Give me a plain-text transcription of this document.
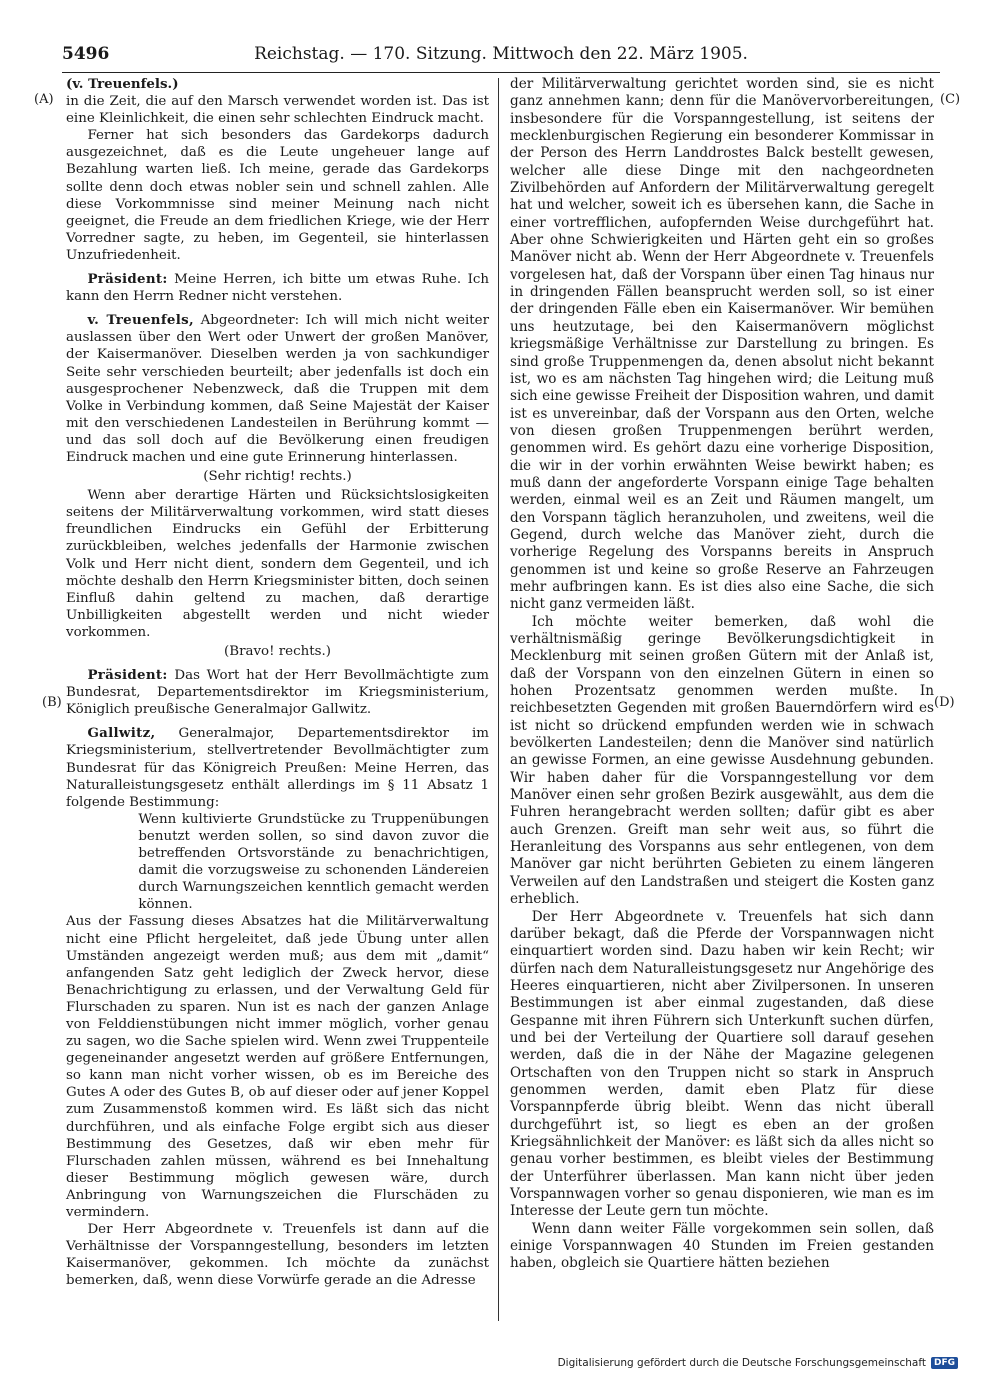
5496	Reichstag. — 170. Sitzung. Mittwoch den 22. März 1905.
(A)
(B)
(C)
(D)

(v. Treuenfels.)

in die Zeit, die auf den Marsch verwendet worden ist. Das ist eine Kleinlichkeit, die einen sehr schlechten Eindruck macht.

Ferner hat sich besonders das Gardekorps dadurch ausgezeichnet, daß es die Leute ungeheuer lange auf Bezahlung warten ließ. Ich meine, gerade das Gardekorps sollte denn doch etwas nobler sein und schnell zahlen. Alle diese Vorkommnisse sind meiner Meinung nach nicht geeignet, die Freude an dem friedlichen Kriege, wie der Herr Vorredner sagte, zu heben, im Gegenteil, sie hinterlassen Unzufriedenheit.

Präsident: Meine Herren, ich bitte um etwas Ruhe. Ich kann den Herrn Redner nicht verstehen.

v. Treuenfels, Abgeordneter: Ich will mich nicht weiter auslassen über den Wert oder Unwert der großen Manöver, der Kaisermanöver. Dieselben werden ja von sachkundiger Seite sehr verschieden beurteilt; aber jedenfalls ist doch ein ausgesprochener Nebenzweck, daß die Truppen mit dem Volke in Verbindung kommen, daß Seine Majestät der Kaiser mit den verschiedenen Landesteilen in Berührung kommt — und das soll doch auf die Bevölkerung einen freudigen Eindruck machen und eine gute Erinnerung hinterlassen.

(Sehr richtig! rechts.)

Wenn aber derartige Härten und Rücksichtslosigkeiten seitens der Militärverwaltung vorkommen, wird statt dieses freundlichen Eindrucks ein Gefühl der Erbitterung zurückbleiben, welches jedenfalls der Harmonie zwischen Volk und Herr nicht dient, sondern dem Gegenteil, und ich möchte deshalb den Herrn Kriegsminister bitten, doch seinen Einfluß dahin geltend zu machen, daß derartige Unbilligkeiten abgestellt werden und nicht wieder vorkommen.

(Bravo! rechts.)

Präsident: Das Wort hat der Herr Bevollmächtigte zum Bundesrat, Departementsdirektor im Kriegsministerium, Königlich preußische Generalmajor Gallwitz.

Gallwitz, Generalmajor, Departementsdirektor im Kriegsministerium, stellvertretender Bevollmächtigter zum Bundesrat für das Königreich Preußen: Meine Herren, das Naturalleistungsgesetz enthält allerdings im § 11 Absatz 1 folgende Bestimmung:

Wenn kultivierte Grundstücke zu Truppenübungen benutzt werden sollen, so sind davon zuvor die betreffenden Ortsvorstände zu benachrichtigen, damit die vorzugsweise zu schonenden Ländereien durch Warnungszeichen kenntlich gemacht werden können.

Aus der Fassung dieses Absatzes hat die Militärverwaltung nicht eine Pflicht hergeleitet, daß jede Übung unter allen Umständen angezeigt werden muß; aus dem mit „damit“ anfangenden Satz geht lediglich der Zweck hervor, diese Benachrichtigung zu erlassen, und der Verwaltung Geld für Flurschaden zu sparen. Nun ist es nach der ganzen Anlage von Felddienstübungen nicht immer möglich, vorher genau zu sagen, wo die Sache spielen wird. Wenn zwei Truppenteile gegeneinander angesetzt werden auf größere Entfernungen, so kann man nicht vorher wissen, ob es im Bereiche des Gutes A oder des Gutes B, ob auf dieser oder auf jener Koppel zum Zusammenstoß kommen wird. Es läßt sich das nicht durchführen, und als einfache Folge ergibt sich aus dieser Bestimmung des Gesetzes, daß wir eben mehr für Flurschaden zahlen müssen, während es bei Innehaltung dieser Bestimmung möglich gewesen wäre, durch Anbringung von Warnungszeichen die Flurschäden zu vermindern.

Der Herr Abgeordnete v. Treuenfels ist dann auf die Verhältnisse der Vorspanngestellung, besonders im letzten Kaisermanöver, gekommen. Ich möchte da zunächst bemerken, daß, wenn diese Vorwürfe gerade an die Adresse

der Militärverwaltung gerichtet worden sind, sie es nicht ganz annehmen kann; denn für die Manövervorbereitungen, insbesondere für die Vorspanngestellung, ist seitens der mecklenburgischen Regierung ein besonderer Kommissar in der Person des Herrn Landdrostes Balck bestellt gewesen, welcher alle diese Dinge mit den nachgeordneten Zivilbehörden auf Anfordern der Militärverwaltung geregelt hat und welcher, soweit ich es übersehen kann, die Sache in einer vortrefflichen, aufopfernden Weise durchgeführt hat. Aber ohne Schwierigkeiten und Härten geht ein so großes Manöver nicht ab. Wenn der Herr Abgeordnete v. Treuenfels vorgelesen hat, daß der Vorspann über einen Tag hinaus nur in dringenden Fällen beansprucht werden soll, so ist einer der dringenden Fälle eben ein Kaisermanöver. Wir bemühen uns heutzutage, bei den Kaisermanövern möglichst kriegsmäßige Verhältnisse zur Darstellung zu bringen. Es sind große Truppenmengen da, denen absolut nicht bekannt ist, wo es am nächsten Tag hingehen wird; die Leitung muß sich eine gewisse Freiheit der Disposition wahren, und damit ist es unvereinbar, daß der Vorspann aus den Orten, welche von diesen großen Truppenmengen berührt werden, genommen wird. Es gehört dazu eine vorherige Disposition, die wir in der vorhin erwähnten Weise bewirkt haben; es muß dann der angeforderte Vorspann einige Tage behalten werden, einmal weil es an Zeit und Räumen mangelt, um den Vorspann täglich heranzuholen, und zweitens, weil die Gegend, durch welche das Manöver zieht, durch die vorherige Regelung des Vorspanns bereits in Anspruch genommen ist und keine so große Reserve an Fahrzeugen mehr aufbringen kann. Es ist dies also eine Sache, die sich nicht ganz vermeiden läßt.

Ich möchte weiter bemerken, daß wohl die verhältnismäßig geringe Bevölkerungsdichtigkeit in Mecklenburg mit seinen großen Gütern mit der Anlaß ist, daß der Vorspann von den einzelnen Gütern in einen so hohen Prozentsatz genommen werden mußte. In reichbesetzten Gegenden mit großen Bauerndörfern wird es ist nicht so drückend empfunden werden wie in schwach bevölkerten Landesteilen; denn die Manöver sind natürlich an gewisse Formen, an eine gewisse Ausdehnung gebunden. Wir haben daher für die Vorspanngestellung vor dem Manöver einen sehr großen Bezirk ausgewählt, aus dem die Fuhren herangebracht werden sollten; dafür gibt es aber auch Grenzen. Greift man sehr weit aus, so führt die Heranleitung des Vorspanns aus sehr entlegenen, von dem Manöver gar nicht berührten Gebieten zu einem längeren Verweilen auf den Landstraßen und steigert die Kosten ganz erheblich.

Der Herr Abgeordnete v. Treuenfels hat sich dann darüber bekagt, daß die Pferde der Vorspannwagen nicht einquartiert worden sind. Dazu haben wir kein Recht; wir dürfen nach dem Naturalleistungsgesetz nur Angehörige des Heeres einquartieren, nicht aber Zivilpersonen. In unseren Bestimmungen ist aber einmal zugestanden, daß diese Gespanne mit ihren Führern sich Unterkunft suchen dürfen, und bei der Verteilung der Quartiere soll darauf gesehen werden, daß die in der Nähe der Magazine gelegenen Ortschaften von den Truppen nicht so stark in Anspruch genommen werden, damit eben Platz für diese Vorspannpferde übrig bleibt. Wenn das nicht überall durchgeführt ist, so liegt es eben an der großen Kriegsähnlichkeit der Manöver: es läßt sich da alles nicht so genau vorher bestimmen, es bleibt vieles der Bestimmung der Unterführer überlassen. Man kann nicht über jeden Vorspannwagen vorher so genau disponieren, wie man es im Interesse der Leute gern tun möchte.

Wenn dann weiter Fälle vorgekommen sein sollen, daß einige Vorspannwagen 40 Stunden im Freien gestanden haben, obgleich sie Quartiere hätten beziehen

Digitalisierung gefördert durch die Deutsche Forschungsgemeinschaft DFG
